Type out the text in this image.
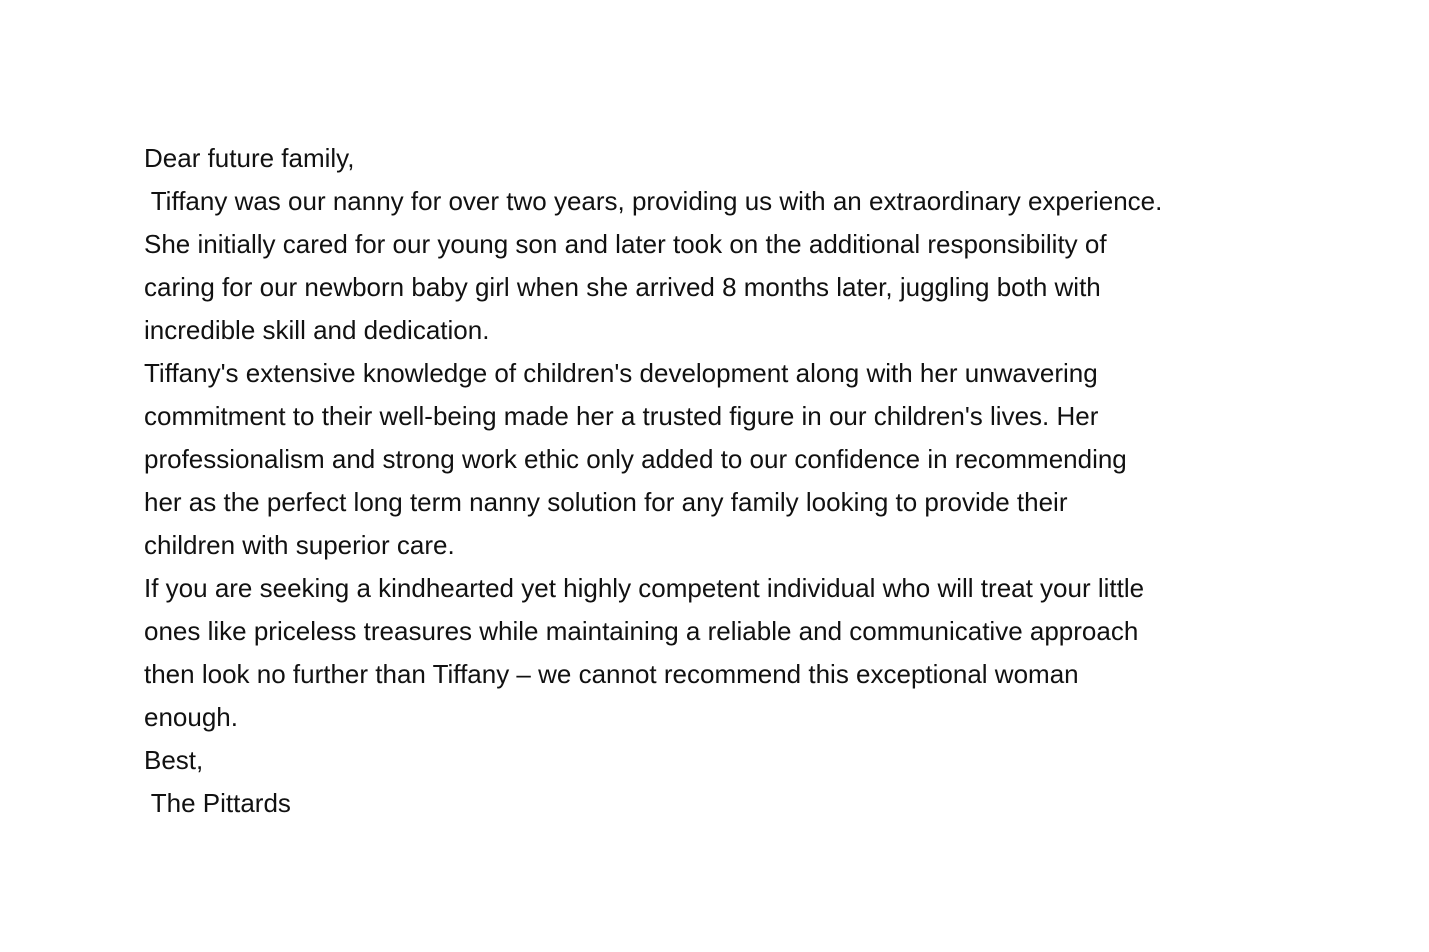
Dear future family,
Tiffany was our nanny for over two years, providing us with an extraordinary experience.
She initially cared for our young son and later took on the additional responsibility of
caring for our newborn baby girl when she arrived 8 months later, juggling both with
incredible skill and dedication.
Tiffany's extensive knowledge of children's development along with her unwavering
commitment to their well-being made her a trusted figure in our children's lives. Her
professionalism and strong work ethic only added to our confidence in recommending
her as the perfect long term nanny solution for any family looking to provide their
children with superior care.
If you are seeking a kindhearted yet highly competent individual who will treat your little
ones like priceless treasures while maintaining a reliable and communicative approach
then look no further than Tiffany – we cannot recommend this exceptional woman
enough.
Best,
The Pittards
